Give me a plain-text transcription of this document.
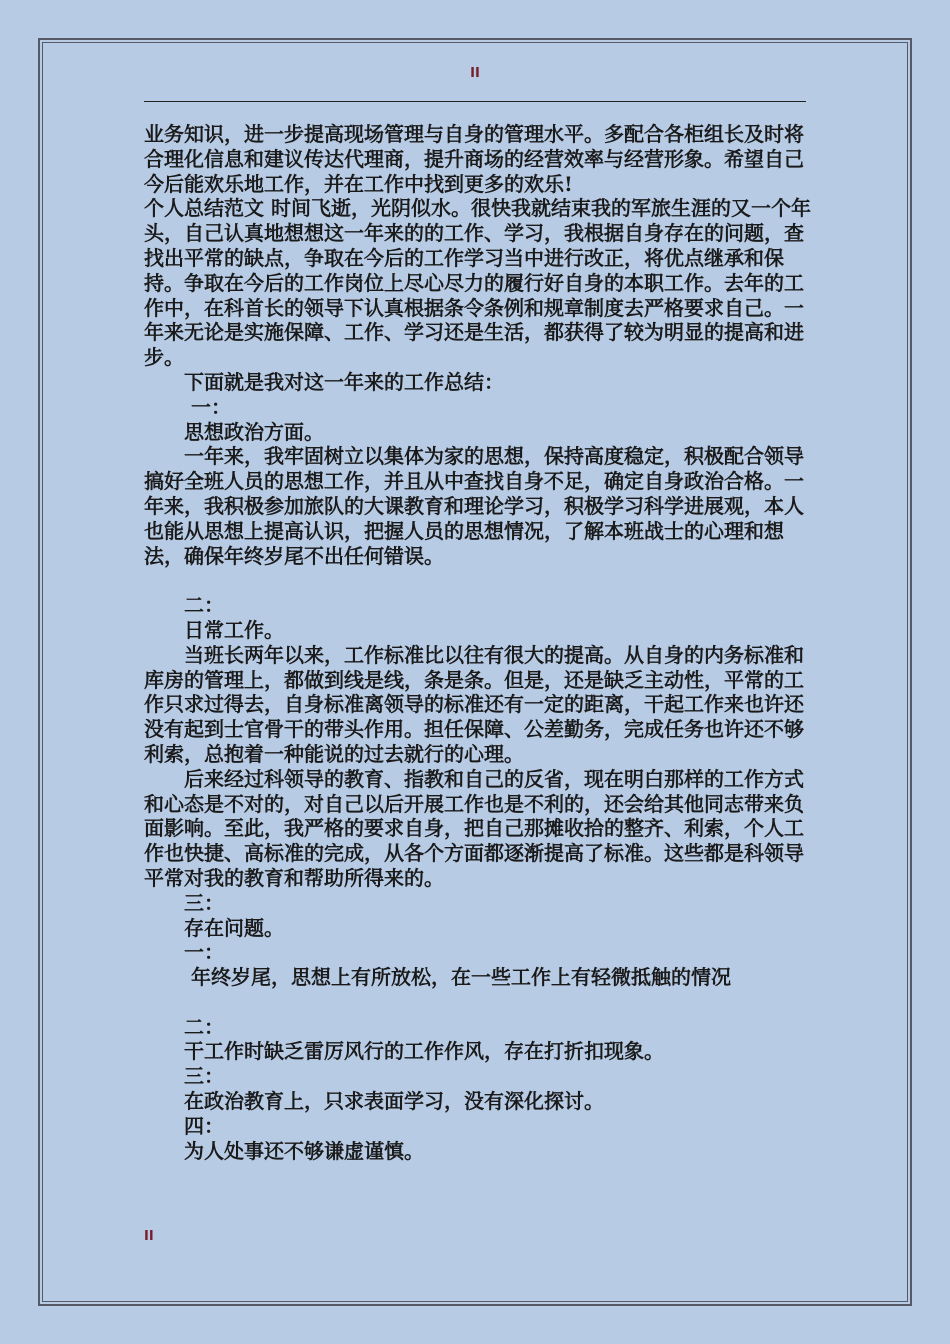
II

业务知识，进一步提高现场管理与自身的管理水平。多配合各柜组长及时将合理化信息和建议传达代理商，提升商场的经营效率与经营形象。希望自己今后能欢乐地工作，并在工作中找到更多的欢乐!

个人总结范文 时间飞逝，光阴似水。很快我就结束我的军旅生涯的又一个年头，自己认真地想想这一年来的的工作、学习，我根据自身存在的问题，查找出平常的缺点，争取在今后的工作学习当中进行改正，将优点继承和保持。争取在今后的工作岗位上尽心尽力的履行好自身的本职工作。去年的工作中，在科首长的领导下认真根据条令条例和规章制度去严格要求自己。一年来无论是实施保障、工作、学习还是生活，都获得了较为明显的提高和进步。

下面就是我对这一年来的工作总结：

一：

思想政治方面。

一年来，我牢固树立以集体为家的思想，保持高度稳定，积极配合领导搞好全班人员的思想工作，并且从中查找自身不足，确定自身政治合格。一年来，我积极参加旅队的大课教育和理论学习，积极学习科学进展观，本人也能从思想上提高认识，把握人员的思想情况，了解本班战士的心理和想法，确保年终岁尾不出任何错误。

二：

日常工作。

当班长两年以来，工作标准比以往有很大的提高。从自身的内务标准和库房的管理上，都做到线是线，条是条。但是，还是缺乏主动性，平常的工作只求过得去，自身标准离领导的标准还有一定的距离，干起工作来也许还没有起到士官骨干的带头作用。担任保障、公差勤务，完成任务也许还不够利索，总抱着一种能说的过去就行的心理。

后来经过科领导的教育、指教和自己的反省，现在明白那样的工作方式和心态是不对的，对自己以后开展工作也是不利的，还会给其他同志带来负面影响。至此，我严格的要求自身，把自己那摊收拾的整齐、利索，个人工作也快捷、高标准的完成，从各个方面都逐渐提高了标准。这些都是科领导平常对我的教育和帮助所得来的。

三：

存在问题。

一：

年终岁尾，思想上有所放松，在一些工作上有轻微抵触的情况

二：

干工作时缺乏雷厉风行的工作作风，存在打折扣现象。

三：

在政治教育上，只求表面学习，没有深化探讨。

四：

为人处事还不够谦虚谨慎。

II
